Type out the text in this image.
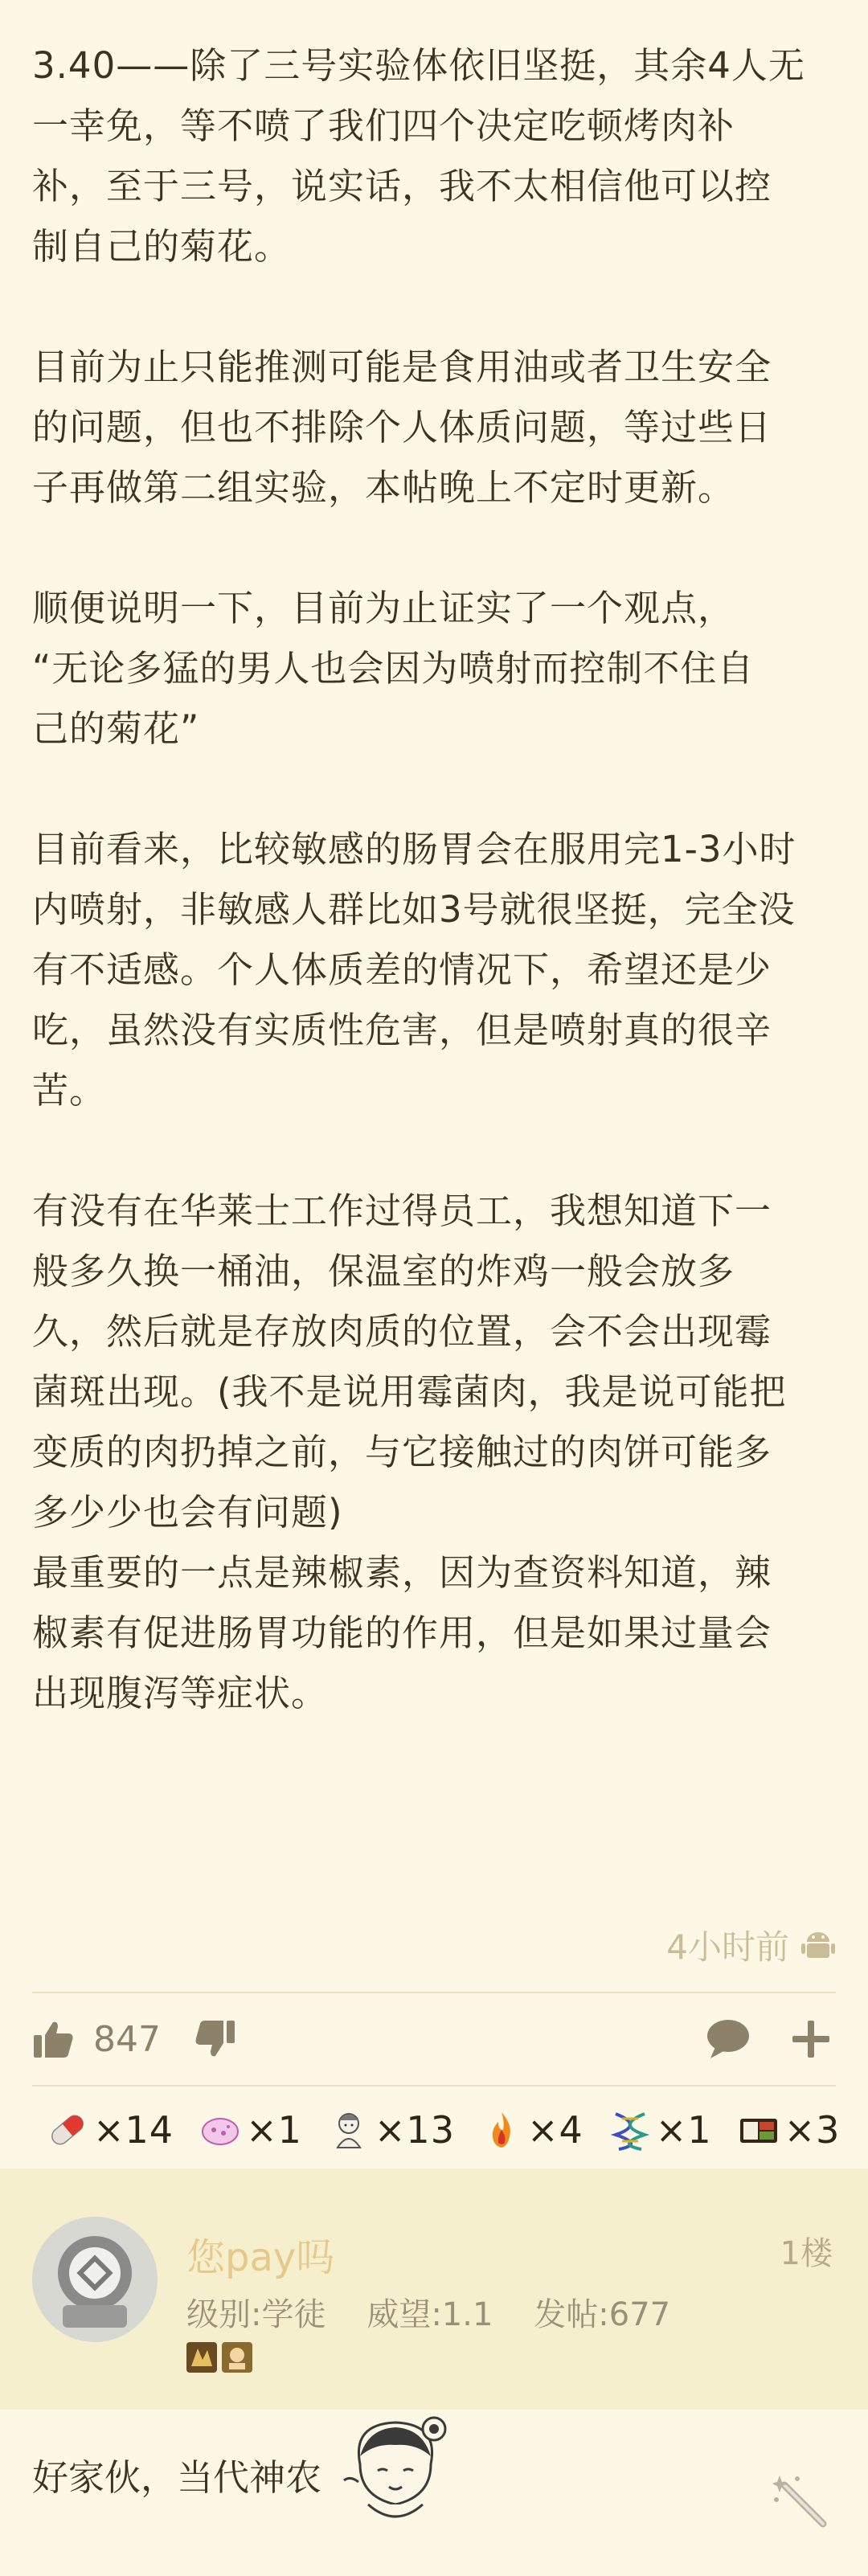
3.40——除了三号实验体依旧坚挺，其余4人无
一幸免，等不喷了我们四个决定吃顿烤肉补
补，至于三号，说实话，我不太相信他可以控
制自己的菊花。

目前为止只能推测可能是食用油或者卫生安全
的问题，但也不排除个人体质问题，等过些日
子再做第二组实验，本帖晚上不定时更新。

顺便说明一下，目前为止证实了一个观点，
“无论多猛的男人也会因为喷射而控制不住自
己的菊花”

目前看来，比较敏感的肠胃会在服用完1-3小时
内喷射，非敏感人群比如3号就很坚挺，完全没
有不适感。个人体质差的情况下，希望还是少
吃，虽然没有实质性危害，但是喷射真的很辛
苦。

有没有在华莱士工作过得员工，我想知道下一
般多久换一桶油，保温室的炸鸡一般会放多
久，然后就是存放肉质的位置，会不会出现霉
菌斑出现。(我不是说用霉菌肉，我是说可能把
变质的肉扔掉之前，与它接触过的肉饼可能多
多少少也会有问题)
最重要的一点是辣椒素，因为查资料知道，辣
椒素有促进肠胃功能的作用，但是如果过量会
出现腹泻等症状。

4小时前
847
×14 ×1 ×13 ×4 ×1 ×3
您pay吗	1楼
级别:学徒    威望:1.1    发帖:677
好家伙，当代神农
